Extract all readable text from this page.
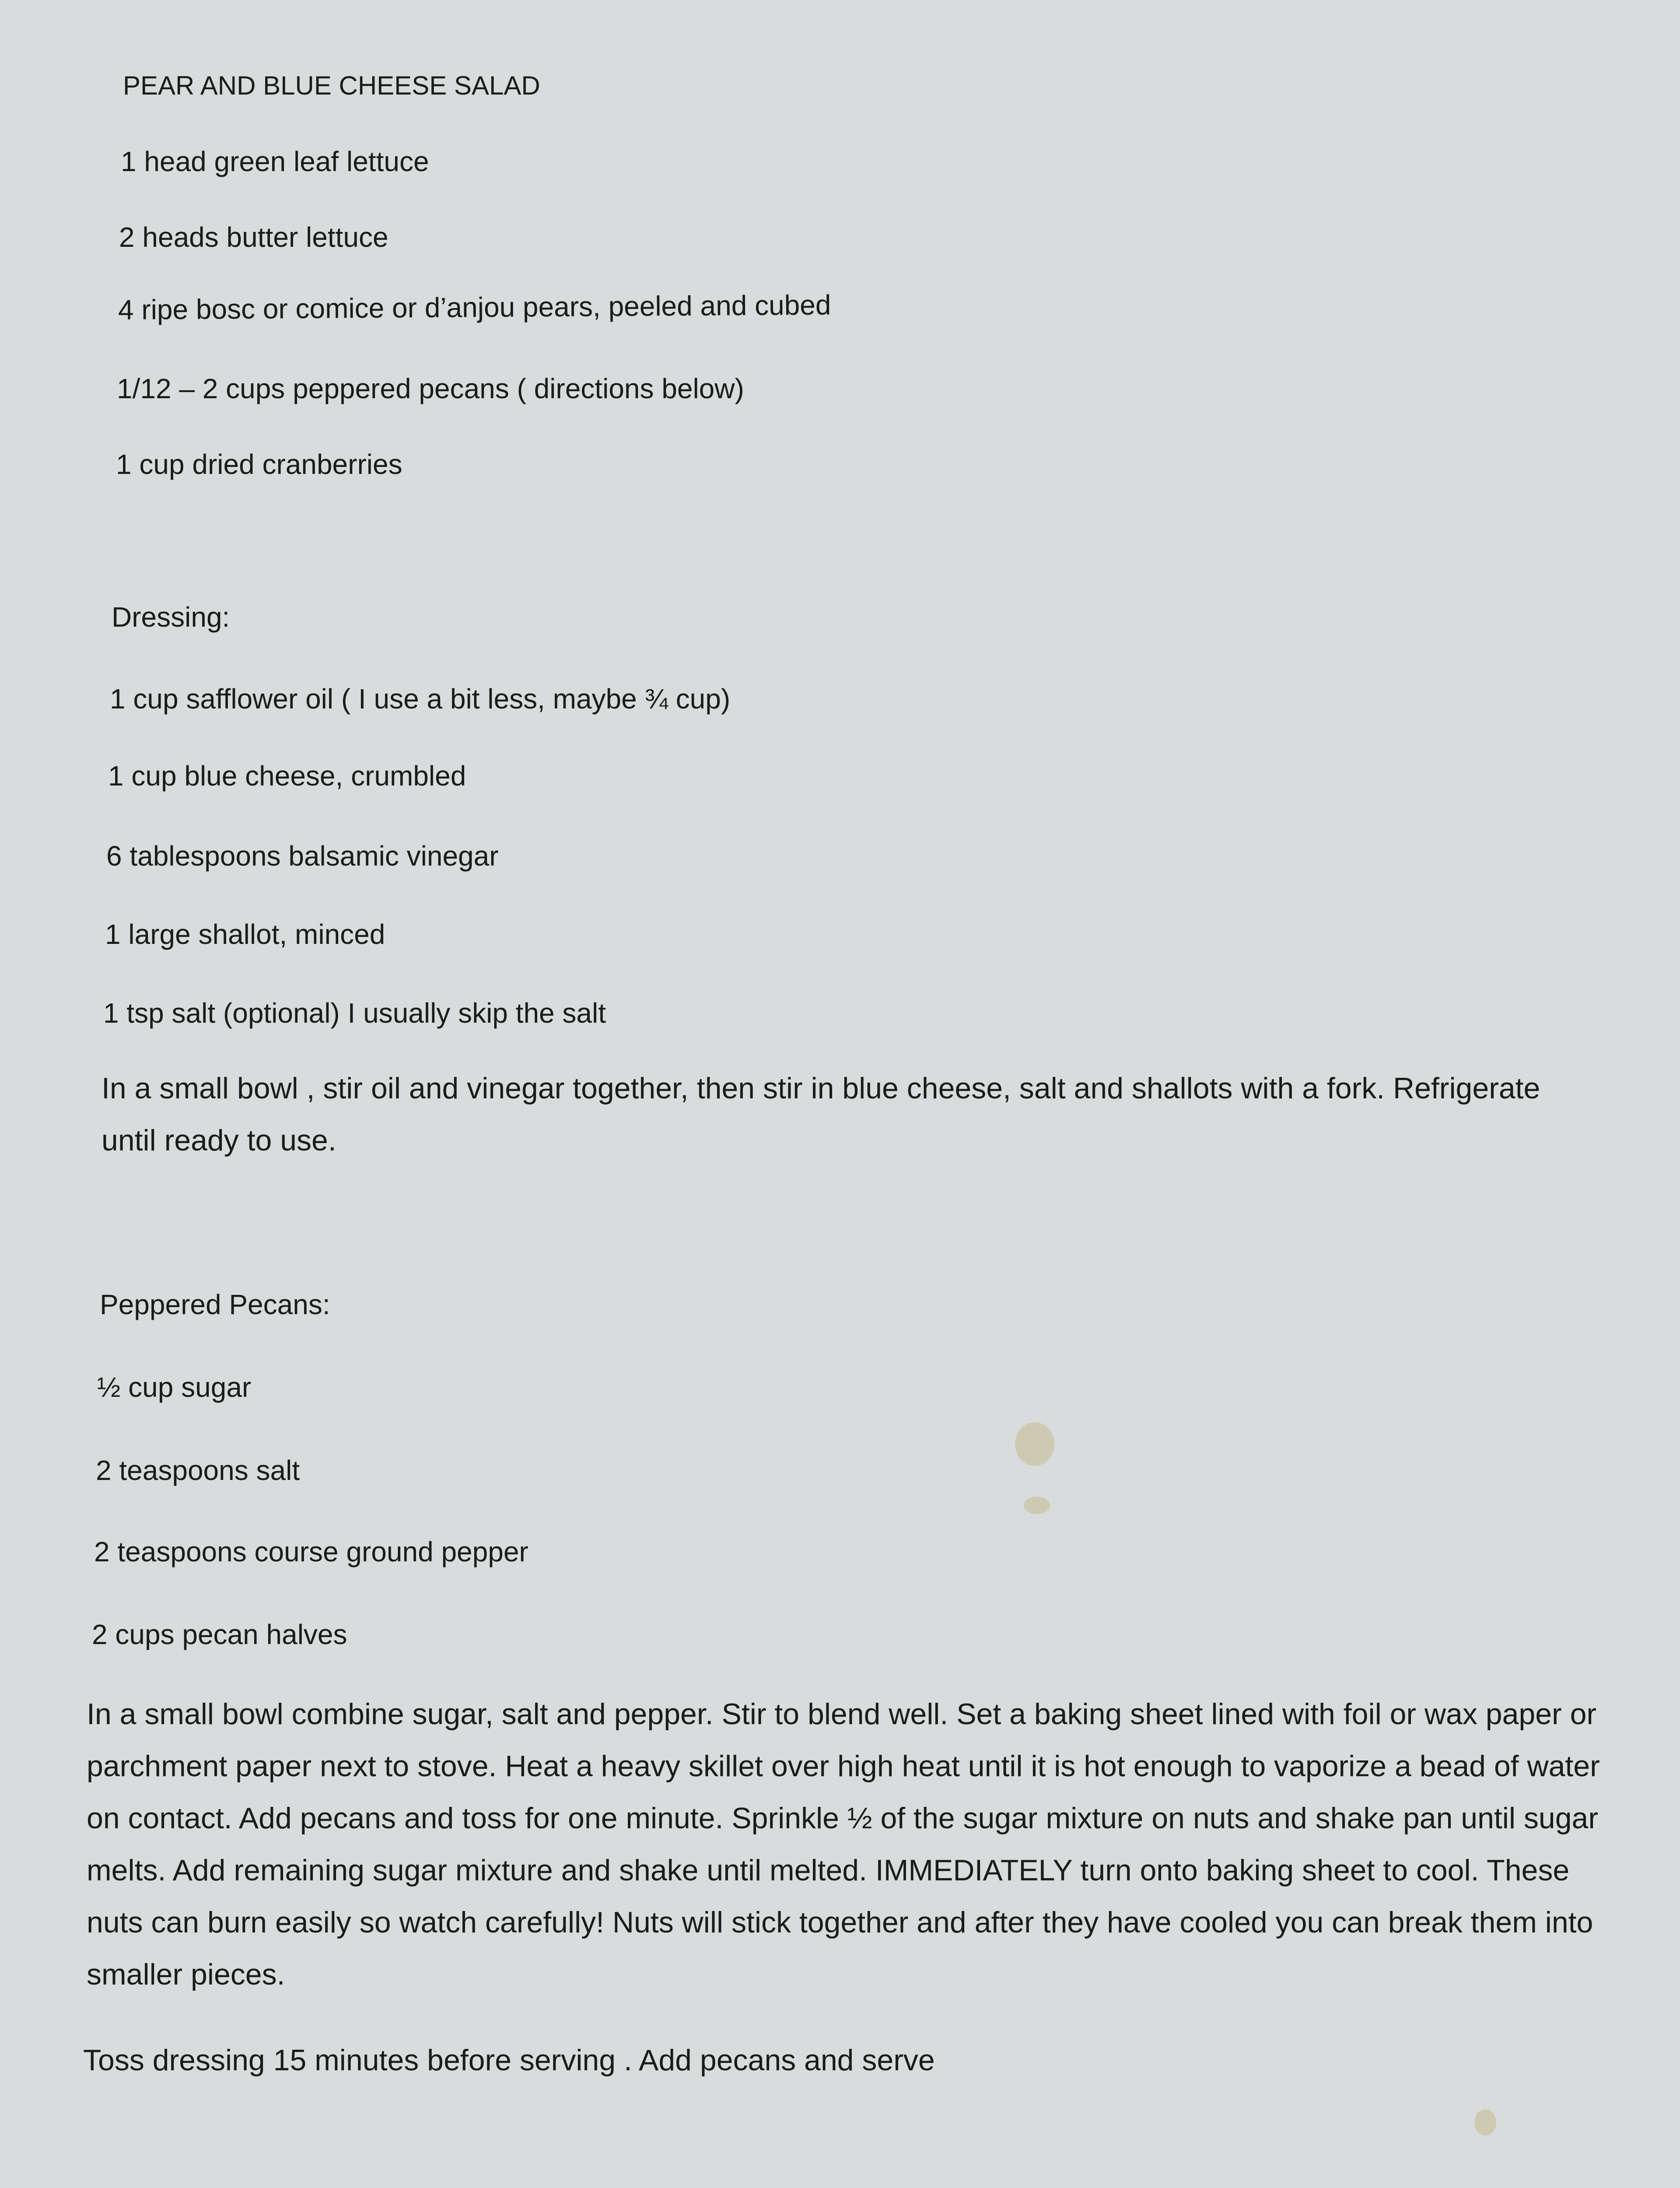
PEAR AND BLUE CHEESE SALAD
1 head green leaf lettuce
2 heads butter lettuce
4 ripe bosc or comice or d’anjou pears, peeled and cubed
1/12 – 2 cups peppered pecans ( directions below)
1 cup dried cranberries
Dressing:
1 cup safflower oil ( I use a bit less, maybe ¾ cup)
1 cup blue cheese, crumbled
6 tablespoons balsamic vinegar
1 large shallot, minced
1 tsp salt (optional) I usually skip the salt
In a small bowl , stir oil and vinegar together, then stir in blue cheese, salt and shallots with a fork. Refrigerate until ready to use.
Peppered Pecans:
½ cup sugar
2 teaspoons salt
2 teaspoons course ground pepper
2 cups pecan halves
In a small bowl combine sugar, salt and pepper. Stir to blend well. Set a baking sheet lined with foil or wax paper or parchment paper next to stove. Heat a heavy skillet over high heat until it is hot enough to vaporize a bead of water on contact. Add pecans and toss for one minute. Sprinkle ½ of the sugar mixture on nuts and shake pan until sugar melts. Add remaining sugar mixture and shake until melted. IMMEDIATELY turn onto baking sheet to cool. These nuts can burn easily so watch carefully! Nuts will stick together and after they have cooled you can break them into smaller pieces.
Toss dressing 15 minutes before serving . Add pecans and serve
